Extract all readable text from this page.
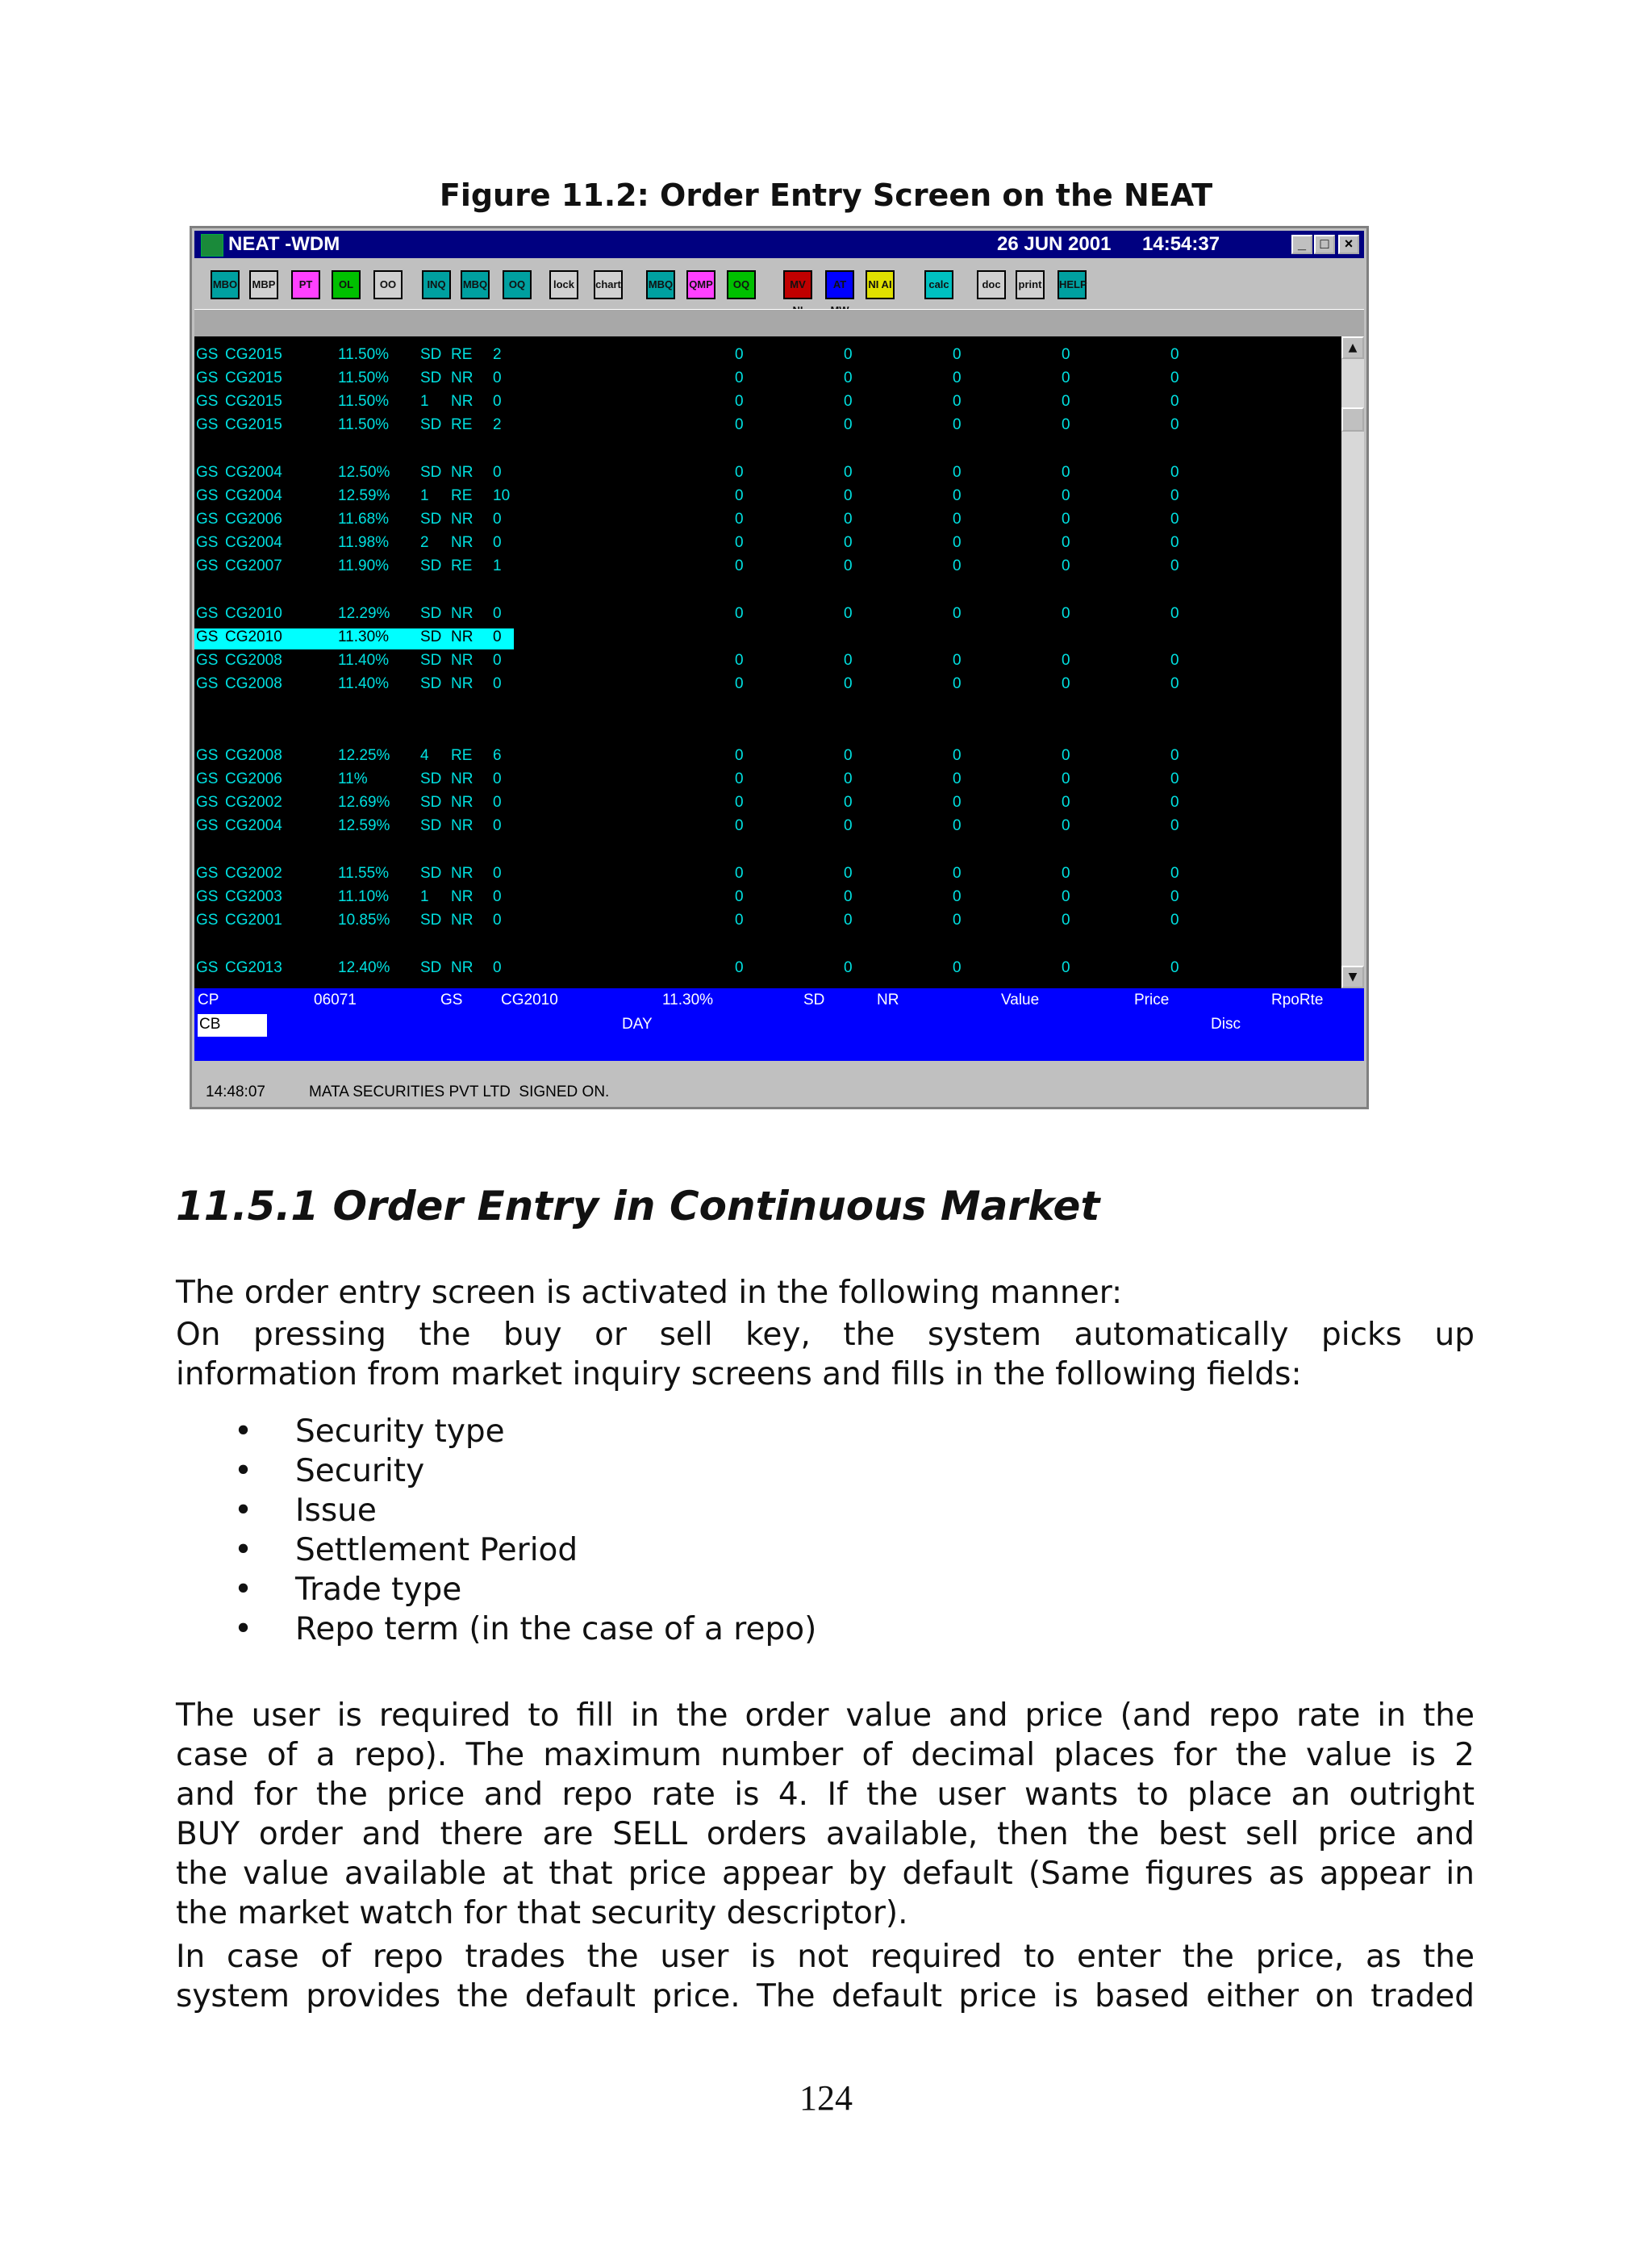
Figure 11.2: Order Entry Screen on the NEAT
NEAT -WDM	26 JUN 2001 14:54:37	_ □	×
MBO MBP	PT	OL	OO	INQ	MBQ	OQ	lock	chart	MBQ QMP	OQ	MV	AT	NI AI	calc	doc	print HELP
GS CG2015	11.50% SD RE 2	0	0	0	0	0
GS CG2015	11.50% SD NR 0	0	0	0	0	0
GS CG2015	11.50% 1 NR 0	0	0	0	0	0
GS CG2015	11.50% SD RE 2	0	0	0	0	0
GS CG2004	12.50% SD NR 0	0	0	0	0	0
GS CG2004	12.59% 1 RE 10	0	0	0	0	0
GS CG2006	11.68% SD NR 0	0	0	0	0	0
GS CG2004	11.98% 2 NR 0	0	0	0	0	0
GS CG2007	11.90% SD RE 1	0	0	0	0	0
GS CG2010	12.29% SD NR 0	0	0	0	0	0
GS CG2010	11.30% SD NR 0	0	0	0	0	0
GS CG2008	11.40% SD NR 0	0	0	0	0	0
GS CG2008	11.40% SD NR 0	0	0	0	0	0
GS CG2008	12.25% 4 RE 6	0	0	0	0	0
GS CG2006	11%	SD NR 0	0	0	0	0	0
GS CG2002	12.69% SD NR 0	0	0	0	0	0
GS CG2004	12.59% SD NR 0	0	0	0	0	0
GS CG2002	11.55% SD NR 0	0	0	0	0	0
GS CG2003	11.10% 1 NR 0	0	0	0	0	0
GS CG2001	10.85% SD NR 0	0	0	0	0	0
GS CG2013	12.40% SD NR 0	0	0	0	0	0
▲
▼
CP	06071	GS	CG2010	11.30%	SD	NR	Value	Price	RpoRte
CB	DAY	Disc
14:48:07	MATA SECURITIES PVT LTD  SIGNED ON.
11.5.1 Order Entry in Continuous Market
The order entry screen is activated in the following manner:
On pressing the buy or sell key, the system automatically picks up
information from market inquiry screens and fills in the following fields:
• Security type
• Security
• Issue
• Settlement Period
• Trade type
• Repo term (in the case of a repo)
The user is required to fill in the order value and price (and repo rate in the
case of a repo). The maximum number of decimal places for the value is 2
and for the price and repo rate is 4. If the user wants to place an outright
BUY order and there are SELL orders available, then the best sell price and
the value available at that price appear by default (Same figures as appear in
the market watch for that security descriptor).
In case of repo trades the user is not required to enter the price, as the
system provides the default price. The default price is based either on traded
124
